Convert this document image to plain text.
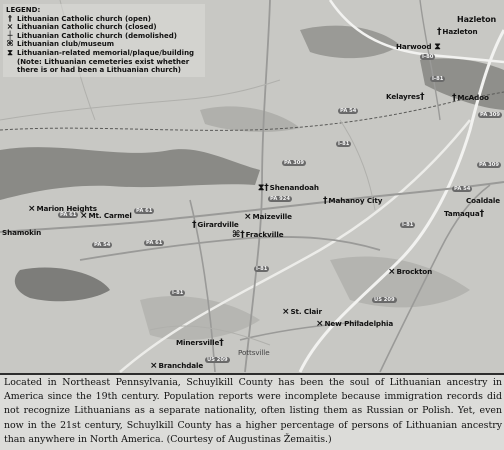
LEGEND:
† Lithuanian Catholic church (open)
× Lithuanian Catholic church (closed)
┼ Lithuanian Catholic church (demolished)
⌘ Lithuanian club/museum
⧗ Lithuanian-related memorial/plaque/building
(Note: Lithuanian cemeteries exist whether there is or had been a Lithuanian church)
I-80
I-81
PA 309
PA 54
PA 924
PA 61
PA 61
PA 54
PA 54
I-81
I-81
I-81
US 209
US 209
PA 309
PA 61
PA 309
I-81
Hazleton
†Hazleton
Harwood ⧗
Kelayres†	†McAdoo
⧗†Shenandoah
†Mahanoy City	Coaldale
Tamaqua†
×Marion Heights
×Mt. Carmel
Shamokin
†Girardville
×Maizeville
⌘†Frackville
×Brockton
×St. Clair
×New Philadelphia
Minersville†
Pottsville
×Branchdale
Located in Northeast Pennsylvania, Schuylkill County has been the soul of Lithuanian ancestry in America since the 19th century. Population reports were incomplete because immigration records did not recognize Lithuanians as a separate nationality, often listing them as Russian or Polish. Yet, even now in the 21st century, Schuylkill County has a higher percentage of persons of Lithuanian ancestry than anywhere in North America. (Courtesy of Augustinas Žemaitis.)
